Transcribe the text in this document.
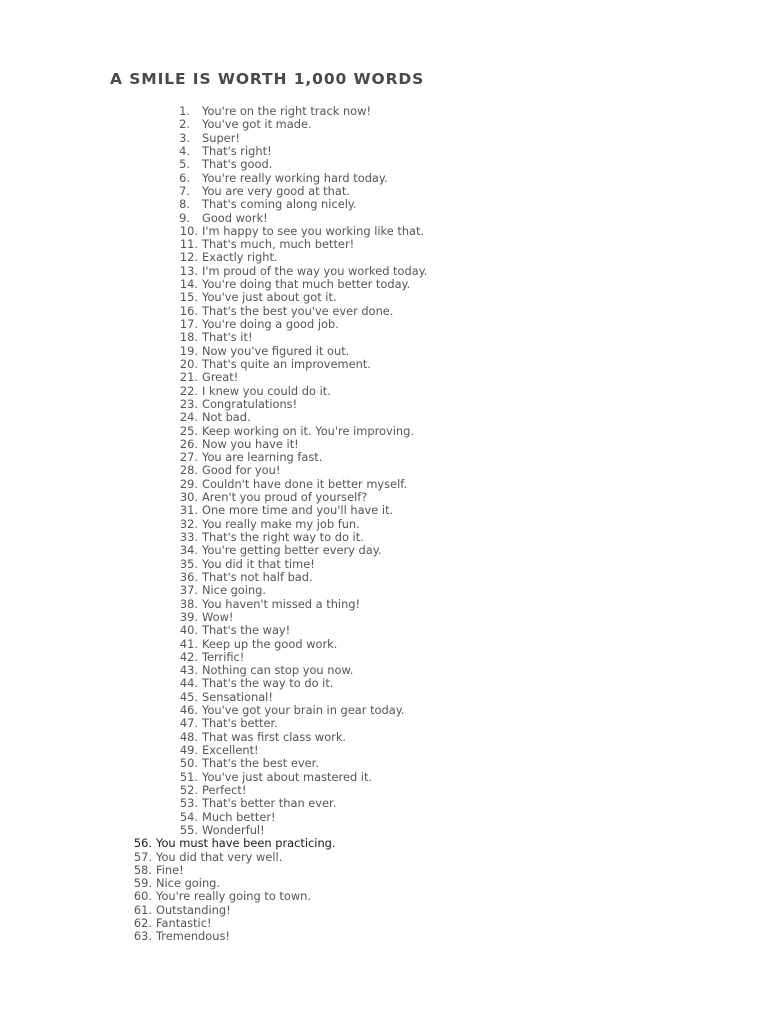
A SMILE IS WORTH 1,000 WORDS
1. You're on the right track now!
2. You've got it made.
3. Super!
4. That's right!
5. That's good.
6. You're really working hard today.
7. You are very good at that.
8. That's coming along nicely.
9. Good work!
10. I'm happy to see you working like that.
11. That's much, much better!
12. Exactly right.
13. I'm proud of the way you worked today.
14. You're doing that much better today.
15. You've just about got it.
16. That's the best you've ever done.
17. You're doing a good job.
18. That's it!
19. Now you've figured it out.
20. That's quite an improvement.
21. Great!
22. I knew you could do it.
23. Congratulations!
24. Not bad.
25. Keep working on it. You're improving.
26. Now you have it!
27. You are learning fast.
28. Good for you!
29. Couldn't have done it better myself.
30. Aren't you proud of yourself?
31. One more time and you'll have it.
32. You really make my job fun.
33. That's the right way to do it.
34. You're getting better every day.
35. You did it that time!
36. That's not half bad.
37. Nice going.
38. You haven't missed a thing!
39. Wow!
40. That's the way!
41. Keep up the good work.
42. Terrific!
43. Nothing can stop you now.
44. That's the way to do it.
45. Sensational!
46. You've got your brain in gear today.
47. That's better.
48. That was first class work.
49. Excellent!
50. That's the best ever.
51. You've just about mastered it.
52. Perfect!
53. That's better than ever.
54. Much better!
55. Wonderful!
56. You must have been practicing.
57. You did that very well.
58. Fine!
59. Nice going.
60. You're really going to town.
61. Outstanding!
62. Fantastic!
63. Tremendous!
